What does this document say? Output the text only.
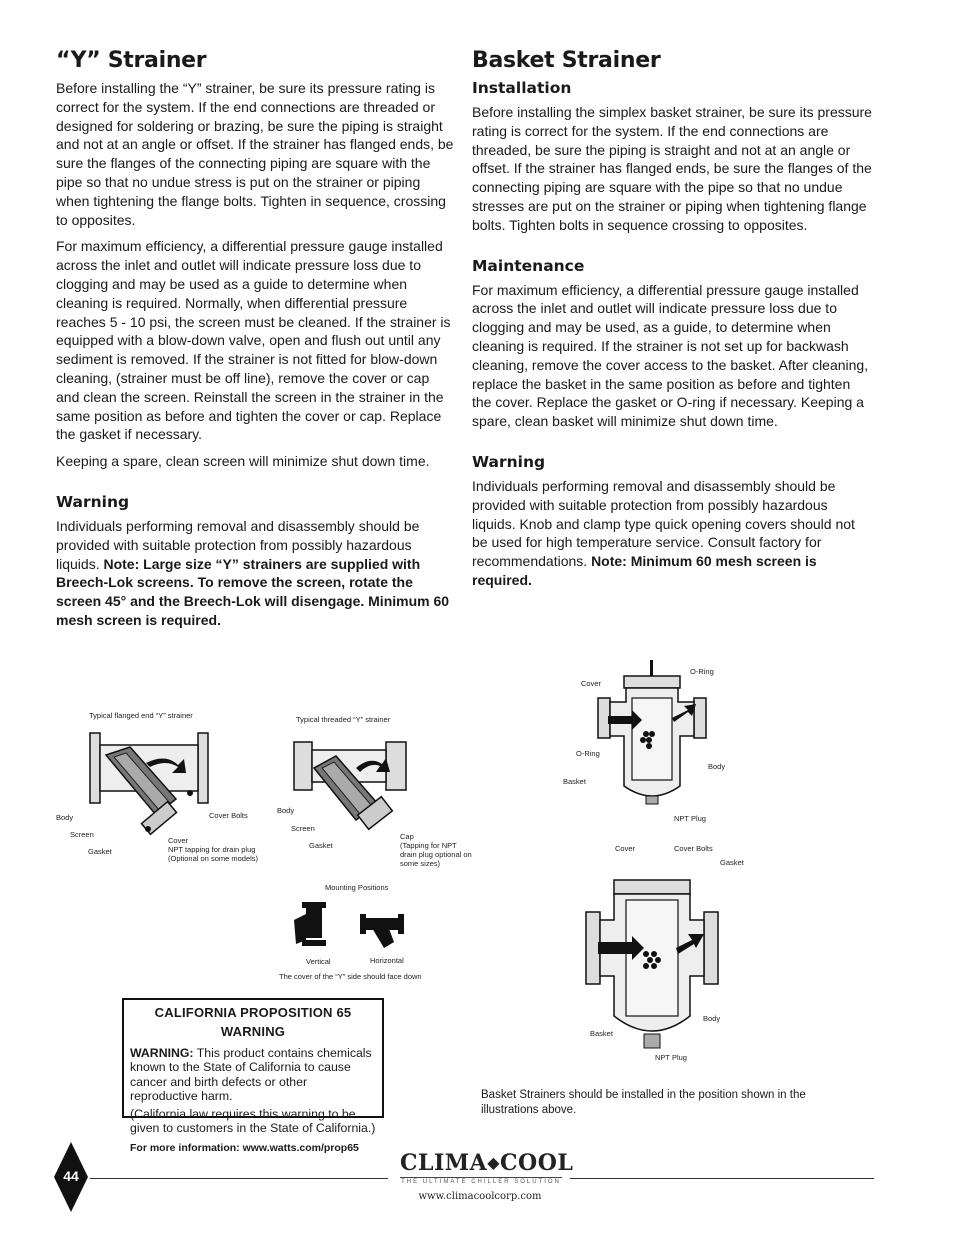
“Y” Strainer

Before installing the “Y” strainer, be sure its pressure rating is correct for the system. If the end connections are threaded or designed for soldering or brazing, be sure the piping is straight and not at an angle or offset. If the strainer has flanged ends, be sure the flanges of the connecting piping are square with the pipe so that no undue stress is put on the strainer or piping when tightening the flange bolts. Tighten in sequence, crossing to opposites.

For maximum efficiency, a differential pressure gauge installed across the inlet and outlet will indicate pressure loss due to clogging and may be used as a guide to determine when cleaning is required. Normally, when differential pressure reaches 5 - 10 psi, the screen must be cleaned. If the strainer is equipped with a blow-down valve, open and flush out until any sediment is removed. If the strainer is not fitted for blow-down cleaning, (strainer must be off line), remove the cover or cap and clean the screen. Reinstall the screen in the strainer in the same position as before and tighten the cover or cap. Replace the gasket if necessary.

Keeping a spare, clean screen will minimize shut down time.

Warning

Individuals performing removal and disassembly should be provided with suitable protection from possibly hazardous liquids. Note: Large size “Y” strainers are supplied with Breech-Lok screens. To remove the screen, rotate the screen 45° and the Breech-Lok will disengage. Minimum 60 mesh screen is required.

Basket Strainer
Installation

Before installing the simplex basket strainer, be sure its pressure rating is correct for the system. If the end connections are threaded, be sure the piping is straight and not at an angle or offset. If the strainer has flanged ends, be sure the flanges of the connecting piping are square with the pipe so that no undue stresses are put on the strainer or piping when tightening flange bolts. Tighten bolts in sequence crossing to opposites.

Maintenance

For maximum efficiency, a differential pressure gauge installed across the inlet and outlet will indicate pressure loss due to clogging and may be used, as a guide, to determine when cleaning is required. If the strainer is not set up for backwash cleaning, remove the cover access to the basket. After cleaning, replace the basket in the same position as before and tighten the cover. Replace the gasket or O-ring if necessary. Keeping a spare, clean basket will minimize shut down time.

Warning

Individuals performing removal and disassembly should be provided with suitable protection from possibly hazardous liquids. Knob and clamp type quick opening covers should not be used for high temperature service. Consult factory for recommendations. Note: Minimum 60 mesh screen is required.

Typical flanged end “Y” strainer
Body
Screen
Gasket
Cover Bolts
Cover
NPT tapping for drain plug
(Optional on some models)
Typical threaded “Y” strainer
Body
Screen
Gasket
Cap
(Tapping for NPT
drain plug optional on
some sizes)
Mounting Positions
Vertical	Horizontal
The cover of the “Y” side should face down
Cover
O-Ring
O-Ring
Body
Basket
NPT Plug
Cover	Cover Bolts
Gasket
Body
Basket
NPT Plug

CALIFORNIA PROPOSITION 65 WARNING

WARNING: This product contains chemicals known to the State of California to cause cancer and birth defects or other reproductive harm.

(California law requires this warning to be given to customers in the State of California.)

For more information: www.watts.com/prop65

Basket Strainers should be installed in the position shown in the illustrations above.
44	CLIMA◆COOL
THE ULTIMATE CHILLER SOLUTION
www.climacoolcorp.com
